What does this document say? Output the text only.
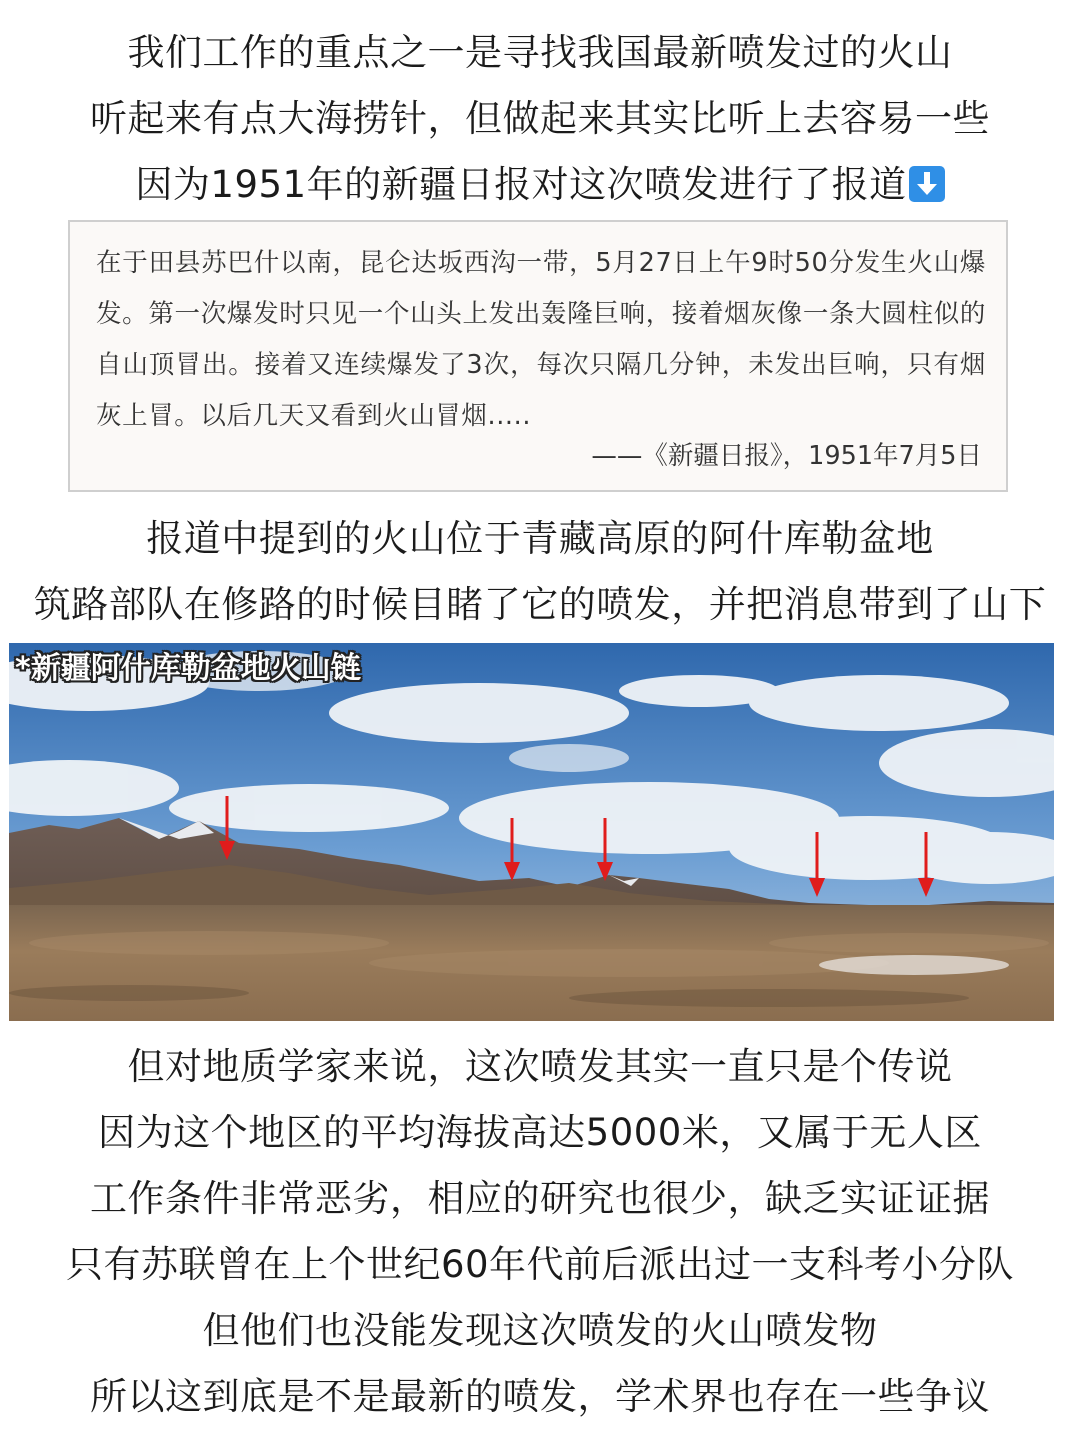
我们工作的重点之一是寻找我国最新喷发过的火山
听起来有点大海捞针，但做起来其实比听上去容易一些
因为1951年的新疆日报对这次喷发进行了报道
在于田县苏巴什以南，昆仑达坂西沟一带，5月27日上午9时50分发生火山爆发。第一次爆发时只见一个山头上发出轰隆巨响，接着烟灰像一条大圆柱似的自山顶冒出。接着又连续爆发了3次，每次只隔几分钟，未发出巨响，只有烟灰上冒。以后几天又看到火山冒烟.....
——《新疆日报》，1951年7月5日
报道中提到的火山位于青藏高原的阿什库勒盆地
筑路部队在修路的时候目睹了它的喷发，并把消息带到了山下
*新疆阿什库勒盆地火山链
但对地质学家来说，这次喷发其实一直只是个传说
因为这个地区的平均海拔高达5000米，又属于无人区
工作条件非常恶劣，相应的研究也很少，缺乏实证证据
只有苏联曾在上个世纪60年代前后派出过一支科考小分队
但他们也没能发现这次喷发的火山喷发物
所以这到底是不是最新的喷发，学术界也存在一些争议
